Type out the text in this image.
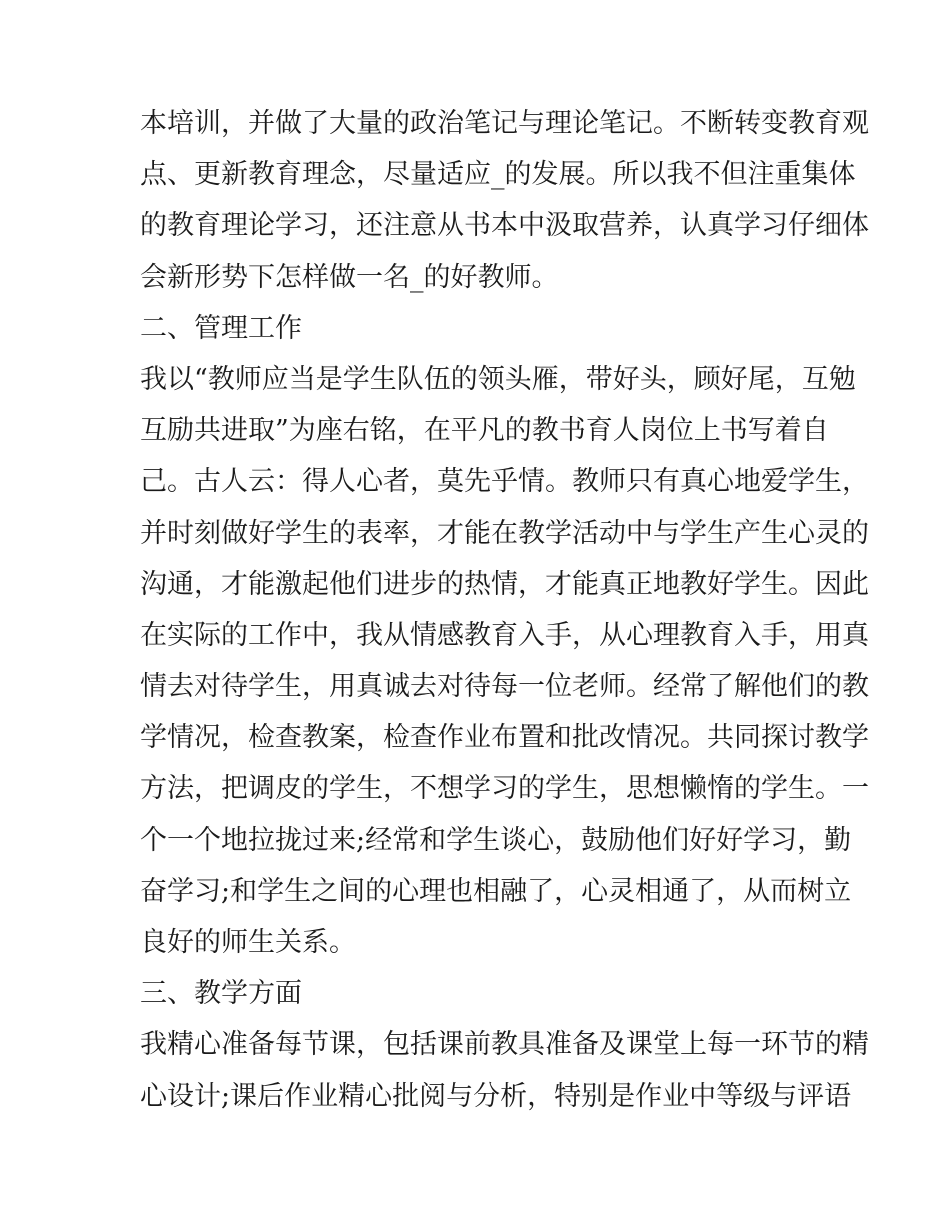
本培训，并做了大量的政治笔记与理论笔记。不断转变教育观
点、更新教育理念，尽量适应_的发展。所以我不但注重集体
的教育理论学习，还注意从书本中汲取营养，认真学习仔细体
会新形势下怎样做一名_的好教师。
二、管理工作
我以“教师应当是学生队伍的领头雁，带好头，顾好尾，互勉
互励共进取”为座右铭，在平凡的教书育人岗位上书写着自
己。古人云：得人心者，莫先乎情。教师只有真心地爱学生，
并时刻做好学生的表率，才能在教学活动中与学生产生心灵的
沟通，才能激起他们进步的热情，才能真正地教好学生。因此
在实际的工作中，我从情感教育入手，从心理教育入手，用真
情去对待学生，用真诚去对待每一位老师。经常了解他们的教
学情况，检查教案，检查作业布置和批改情况。共同探讨教学
方法，把调皮的学生，不想学习的学生，思想懒惰的学生。一
个一个地拉拢过来;经常和学生谈心，鼓励他们好好学习，勤
奋学习;和学生之间的心理也相融了，心灵相通了，从而树立
良好的师生关系。
三、教学方面
我精心准备每节课，包括课前教具准备及课堂上每一环节的精
心设计;课后作业精心批阅与分析，特别是作业中等级与评语
